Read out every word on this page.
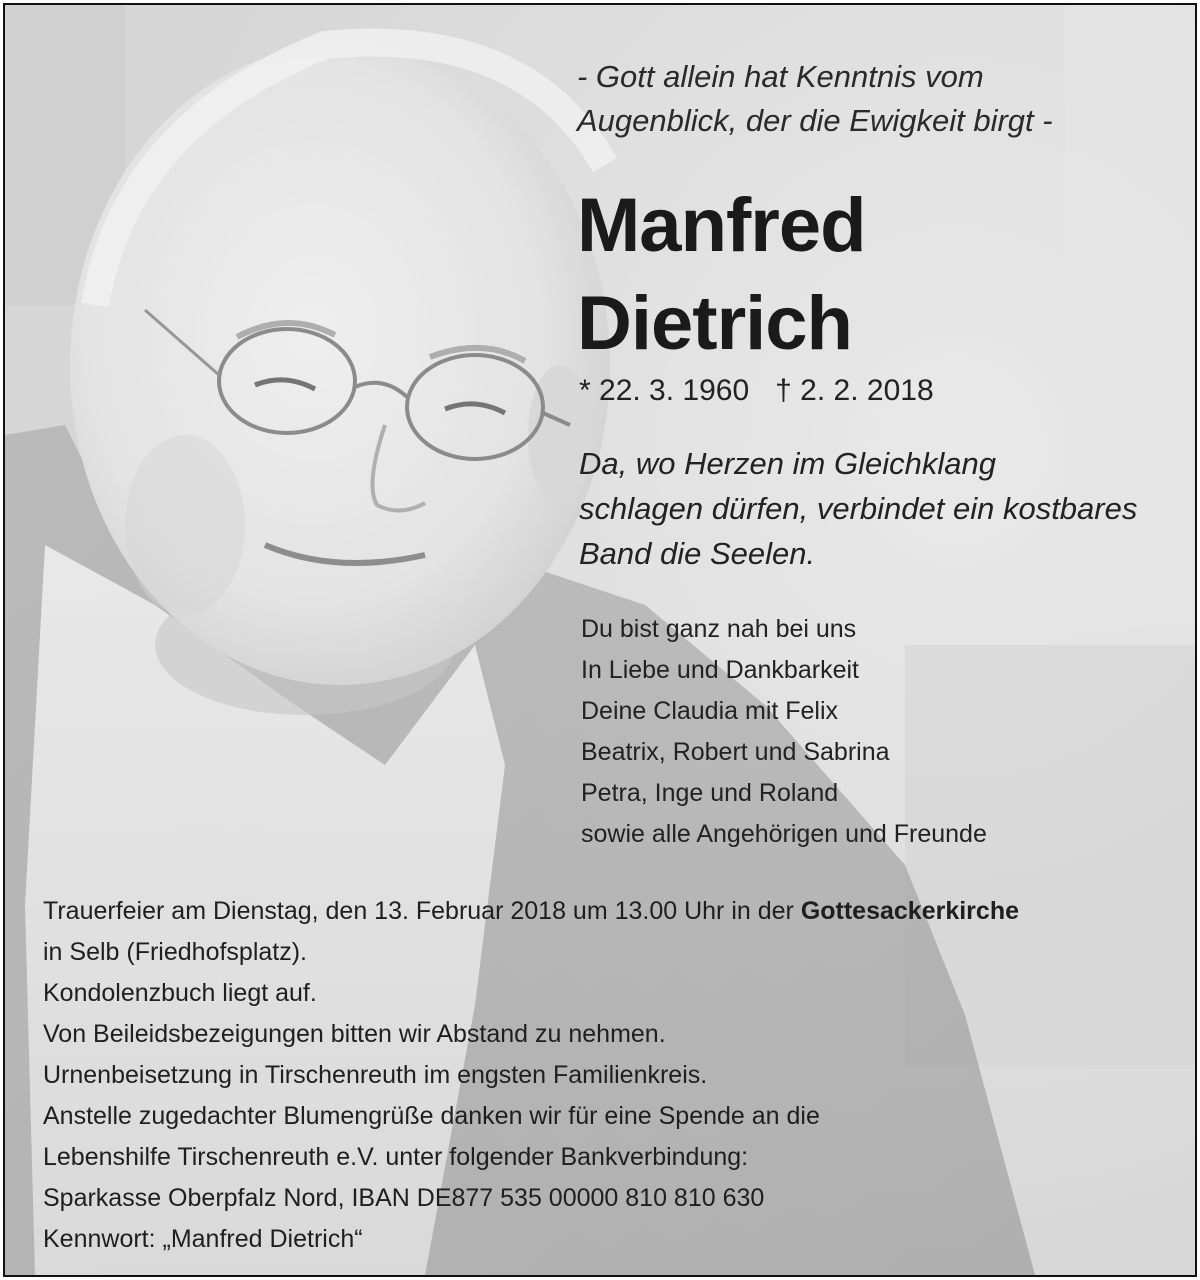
- Gott allein hat Kenntnis vom
Augenblick, der die Ewigkeit birgt -
Manfred
Dietrich
* 22. 3. 1960 † 2. 2. 2018
Da, wo Herzen im Gleichklang
schlagen dürfen, verbindet ein kostbares
Band die Seelen.
Du bist ganz nah bei uns
In Liebe und Dankbarkeit
Deine Claudia mit Felix
Beatrix, Robert und Sabrina
Petra, Inge und Roland
sowie alle Angehörigen und Freunde
Trauerfeier am Dienstag, den 13. Februar 2018 um 13.00 Uhr in der Gottesackerkirche
in Selb (Friedhofsplatz).
Kondolenzbuch liegt auf.
Von Beileidsbezeigungen bitten wir Abstand zu nehmen.
Urnenbeisetzung in Tirschenreuth im engsten Familienkreis.
Anstelle zugedachter Blumengrüße danken wir für eine Spende an die
Lebenshilfe Tirschenreuth e.V. unter folgender Bankverbindung:
Sparkasse Oberpfalz Nord, IBAN DE877 535 00000 810 810 630
Kennwort: „Manfred Dietrich“
